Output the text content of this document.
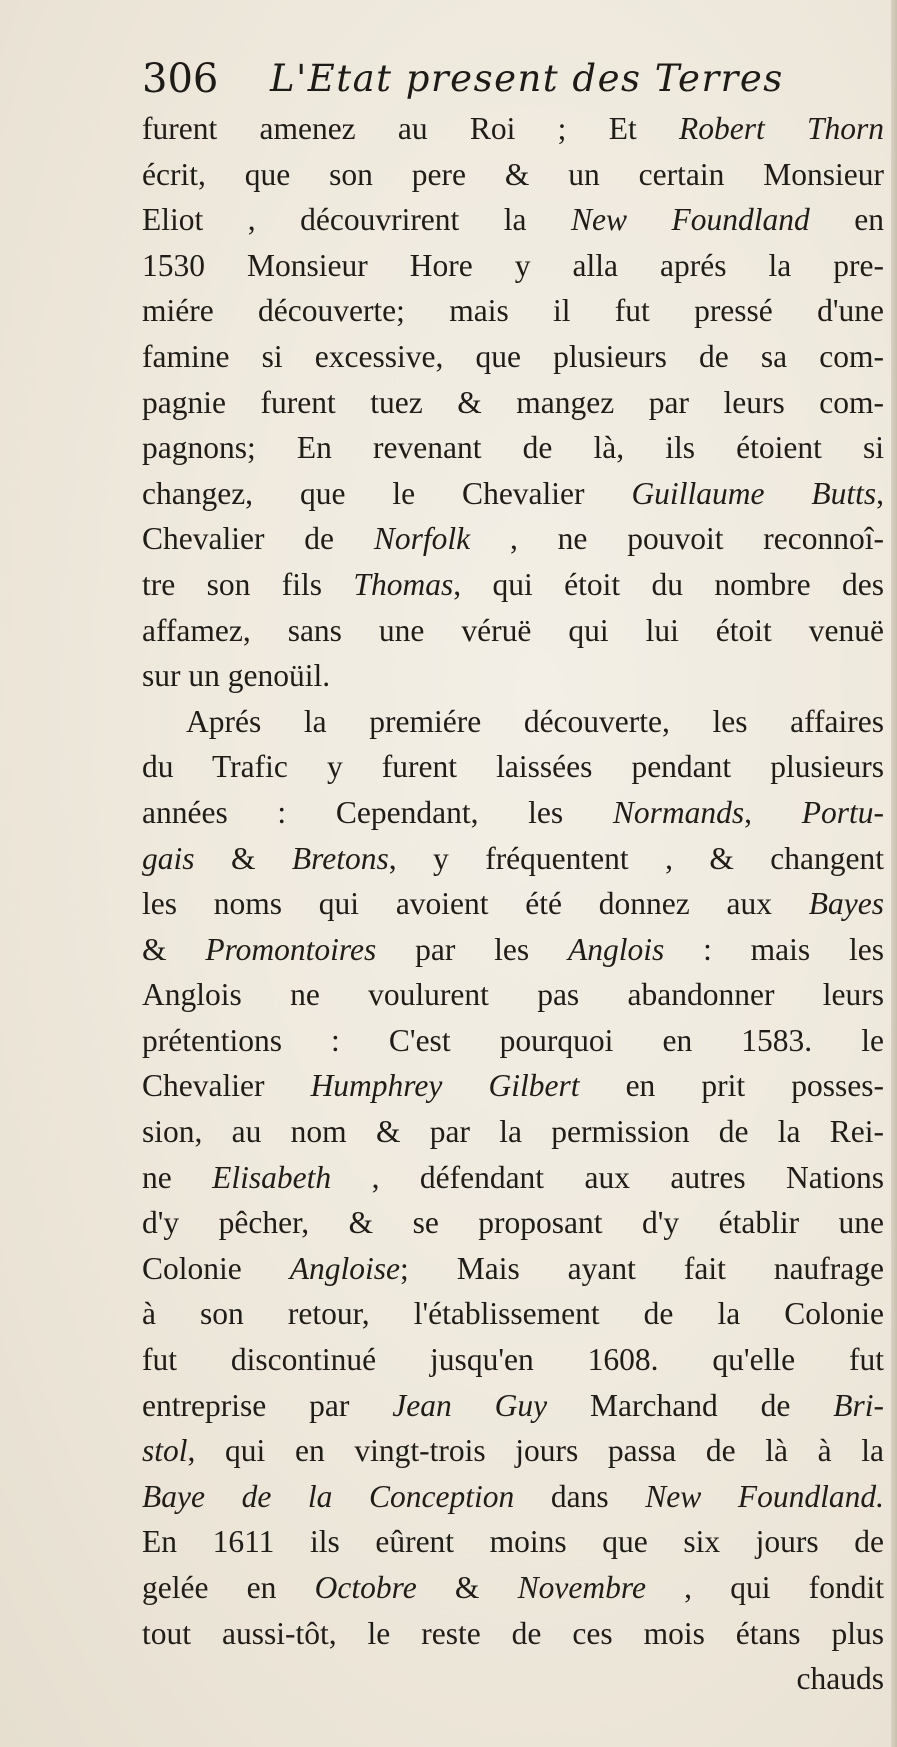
306 L'Etat present des Terres
furent amenez au Roi ; Et Robert Thorn
écrit, que son pere & un certain Monsieur
Eliot , découvrirent la New Foundland en
1530 Monsieur Hore y alla aprés la pre-
miére découverte; mais il fut pressé d'une
famine si excessive, que plusieurs de sa com-
pagnie furent tuez & mangez par leurs com-
pagnons; En revenant de là, ils étoient si
changez, que le Chevalier Guillaume Butts,
Chevalier de Norfolk , ne pouvoit reconnoî-
tre son fils Thomas, qui étoit du nombre des
affamez, sans une véruë qui lui étoit venuë
sur un genoüil.
Aprés la premiére découverte, les affaires
du Trafic y furent laissées pendant plusieurs
années : Cependant, les Normands, Portu-
gais & Bretons, y fréquentent , & changent
les noms qui avoient été donnez aux Bayes
& Promontoires par les Anglois : mais les
Anglois ne voulurent pas abandonner leurs
prétentions : C'est pourquoi en 1583. le
Chevalier Humphrey Gilbert en prit posses-
sion, au nom & par la permission de la Rei-
ne Elisabeth , défendant aux autres Nations
d'y pêcher, & se proposant d'y établir une
Colonie Angloise; Mais ayant fait naufrage
à son retour, l'établissement de la Colonie
fut discontinué jusqu'en 1608. qu'elle fut
entreprise par Jean Guy Marchand de Bri-
stol, qui en vingt-trois jours passa de là à la
Baye de la Conception dans New Foundland.
En 1611 ils eûrent moins que six jours de
gelée en Octobre & Novembre , qui fondit
tout aussi-tôt, le reste de ces mois étans plus
chauds
